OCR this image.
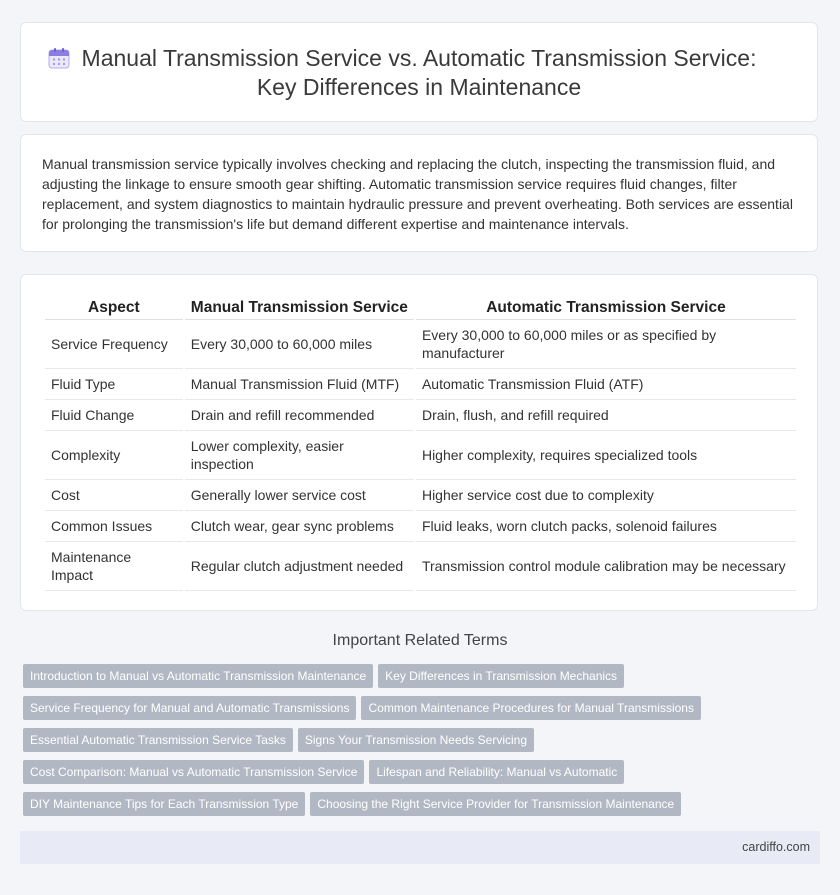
Manual Transmission Service vs. Automatic Transmission Service:
Key Differences in Maintenance

Manual transmission service typically involves checking and replacing the clutch, inspecting the transmission fluid, and adjusting the linkage to ensure smooth gear shifting. Automatic transmission service requires fluid changes, filter replacement, and system diagnostics to maintain hydraulic pressure and prevent overheating. Both services are essential for prolonging the transmission's life but demand different expertise and maintenance intervals.

Aspect	Manual Transmission Service	Automatic Transmission Service
Service Frequency	Every 30,000 to 60,000 miles	Every 30,000 to 60,000 miles or as specified by manufacturer
Fluid Type	Manual Transmission Fluid (MTF)	Automatic Transmission Fluid (ATF)
Fluid Change	Drain and refill recommended	Drain, flush, and refill required
Complexity	Lower complexity, easier inspection	Higher complexity, requires specialized tools
Cost	Generally lower service cost	Higher service cost due to complexity
Common Issues	Clutch wear, gear sync problems	Fluid leaks, worn clutch packs, solenoid failures
Maintenance Impact	Regular clutch adjustment needed	Transmission control module calibration may be necessary
Important Related Terms
Introduction to Manual vs Automatic Transmission Maintenance Key Differences in Transmission Mechanics
Service Frequency for Manual and Automatic Transmissions Common Maintenance Procedures for Manual Transmissions
Essential Automatic Transmission Service Tasks Signs Your Transmission Needs Servicing
Cost Comparison: Manual vs Automatic Transmission Service Lifespan and Reliability: Manual vs Automatic
DIY Maintenance Tips for Each Transmission Type Choosing the Right Service Provider for Transmission Maintenance
cardiffo.com
